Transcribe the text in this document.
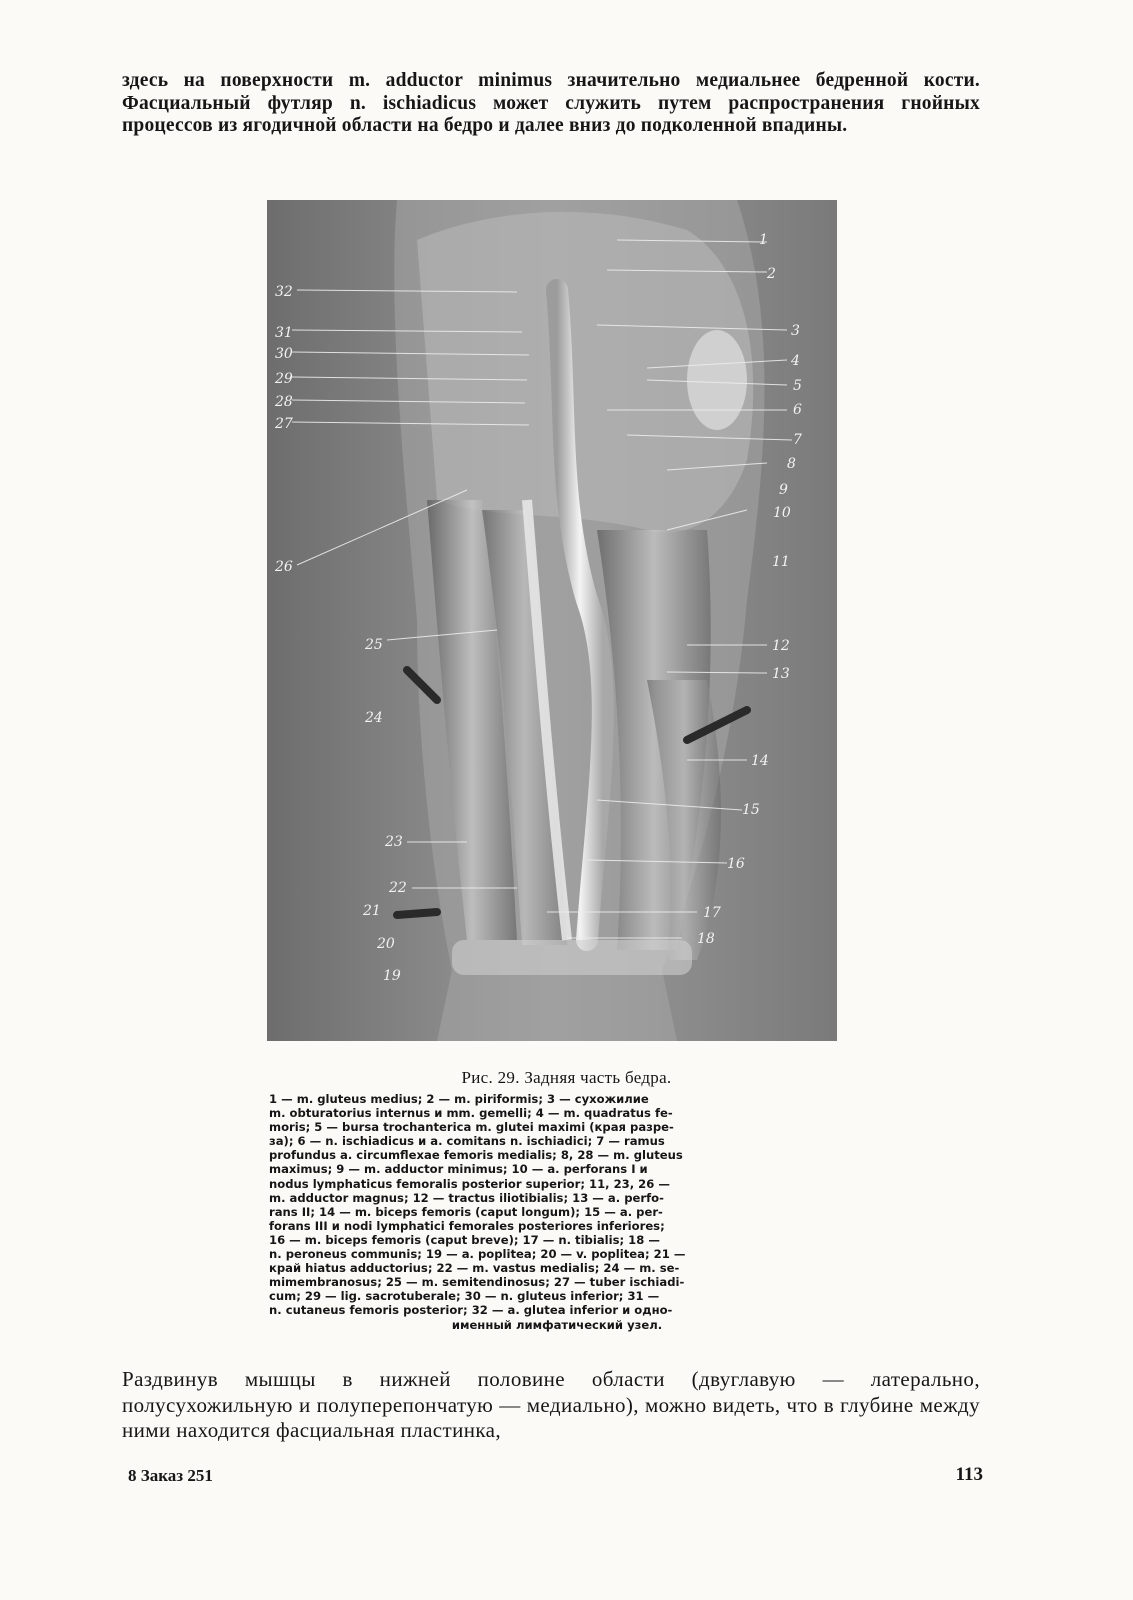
здесь на поверхности m. adductor minimus значительно медиальнее бедренной кости. Фасциальный футляр n. ischiadicus может служить путем распространения гнойных процессов из ягодичной области на бедро и далее вниз до подколенной впадины.

1
2
3
4
5
6
7
8
9
10
11
12
13
14
15
16
17
18
19
20
21
22
23
24
25
26
27
28
29
30
31
32
Рис. 29. Задняя часть бедра.
1 — m. gluteus medius; 2 — m. piriformis; 3 — сухожилие
m. obturatorius internus и mm. gemelli; 4 — m. quadratus fe-
moris; 5 — bursa trochanterica m. glutei maximi (края разре-
за); 6 — n. ischiadicus и a. comitans n. ischiadici; 7 — ramus
profundus a. circumflexae femoris medialis; 8, 28 — m. gluteus
maximus; 9 — m. adductor minimus; 10 — a. perforans I и
nodus lymphaticus femoralis posterior superior; 11, 23, 26 —
m. adductor magnus; 12 — tractus iliotibialis; 13 — a. perfo-
rans II; 14 — m. biceps femoris (caput longum); 15 — a. per-
forans III и nodi lymphatici femorales posteriores inferiores;
16 — m. biceps femoris (caput breve); 17 — n. tibialis; 18 —
n. peroneus communis; 19 — a. poplitea; 20 — v. poplitea; 21 —
край hiatus adductorius; 22 — m. vastus medialis; 24 — m. se-
mimembranosus; 25 — m. semitendinosus; 27 — tuber ischiadi-
cum; 29 — lig. sacrotuberale; 30 — n. gluteus inferior; 31 —
n. cutaneus femoris posterior; 32 — a. glutea inferior и одно-
именный лимфатический узел.

Раздвинув мышцы в нижней половине области (двуглавую — латерально, полусухожильную и полуперепончатую — медиально), можно видеть, что в глубине между ними находится фасциальная пластинка,

8 Заказ 251	113
